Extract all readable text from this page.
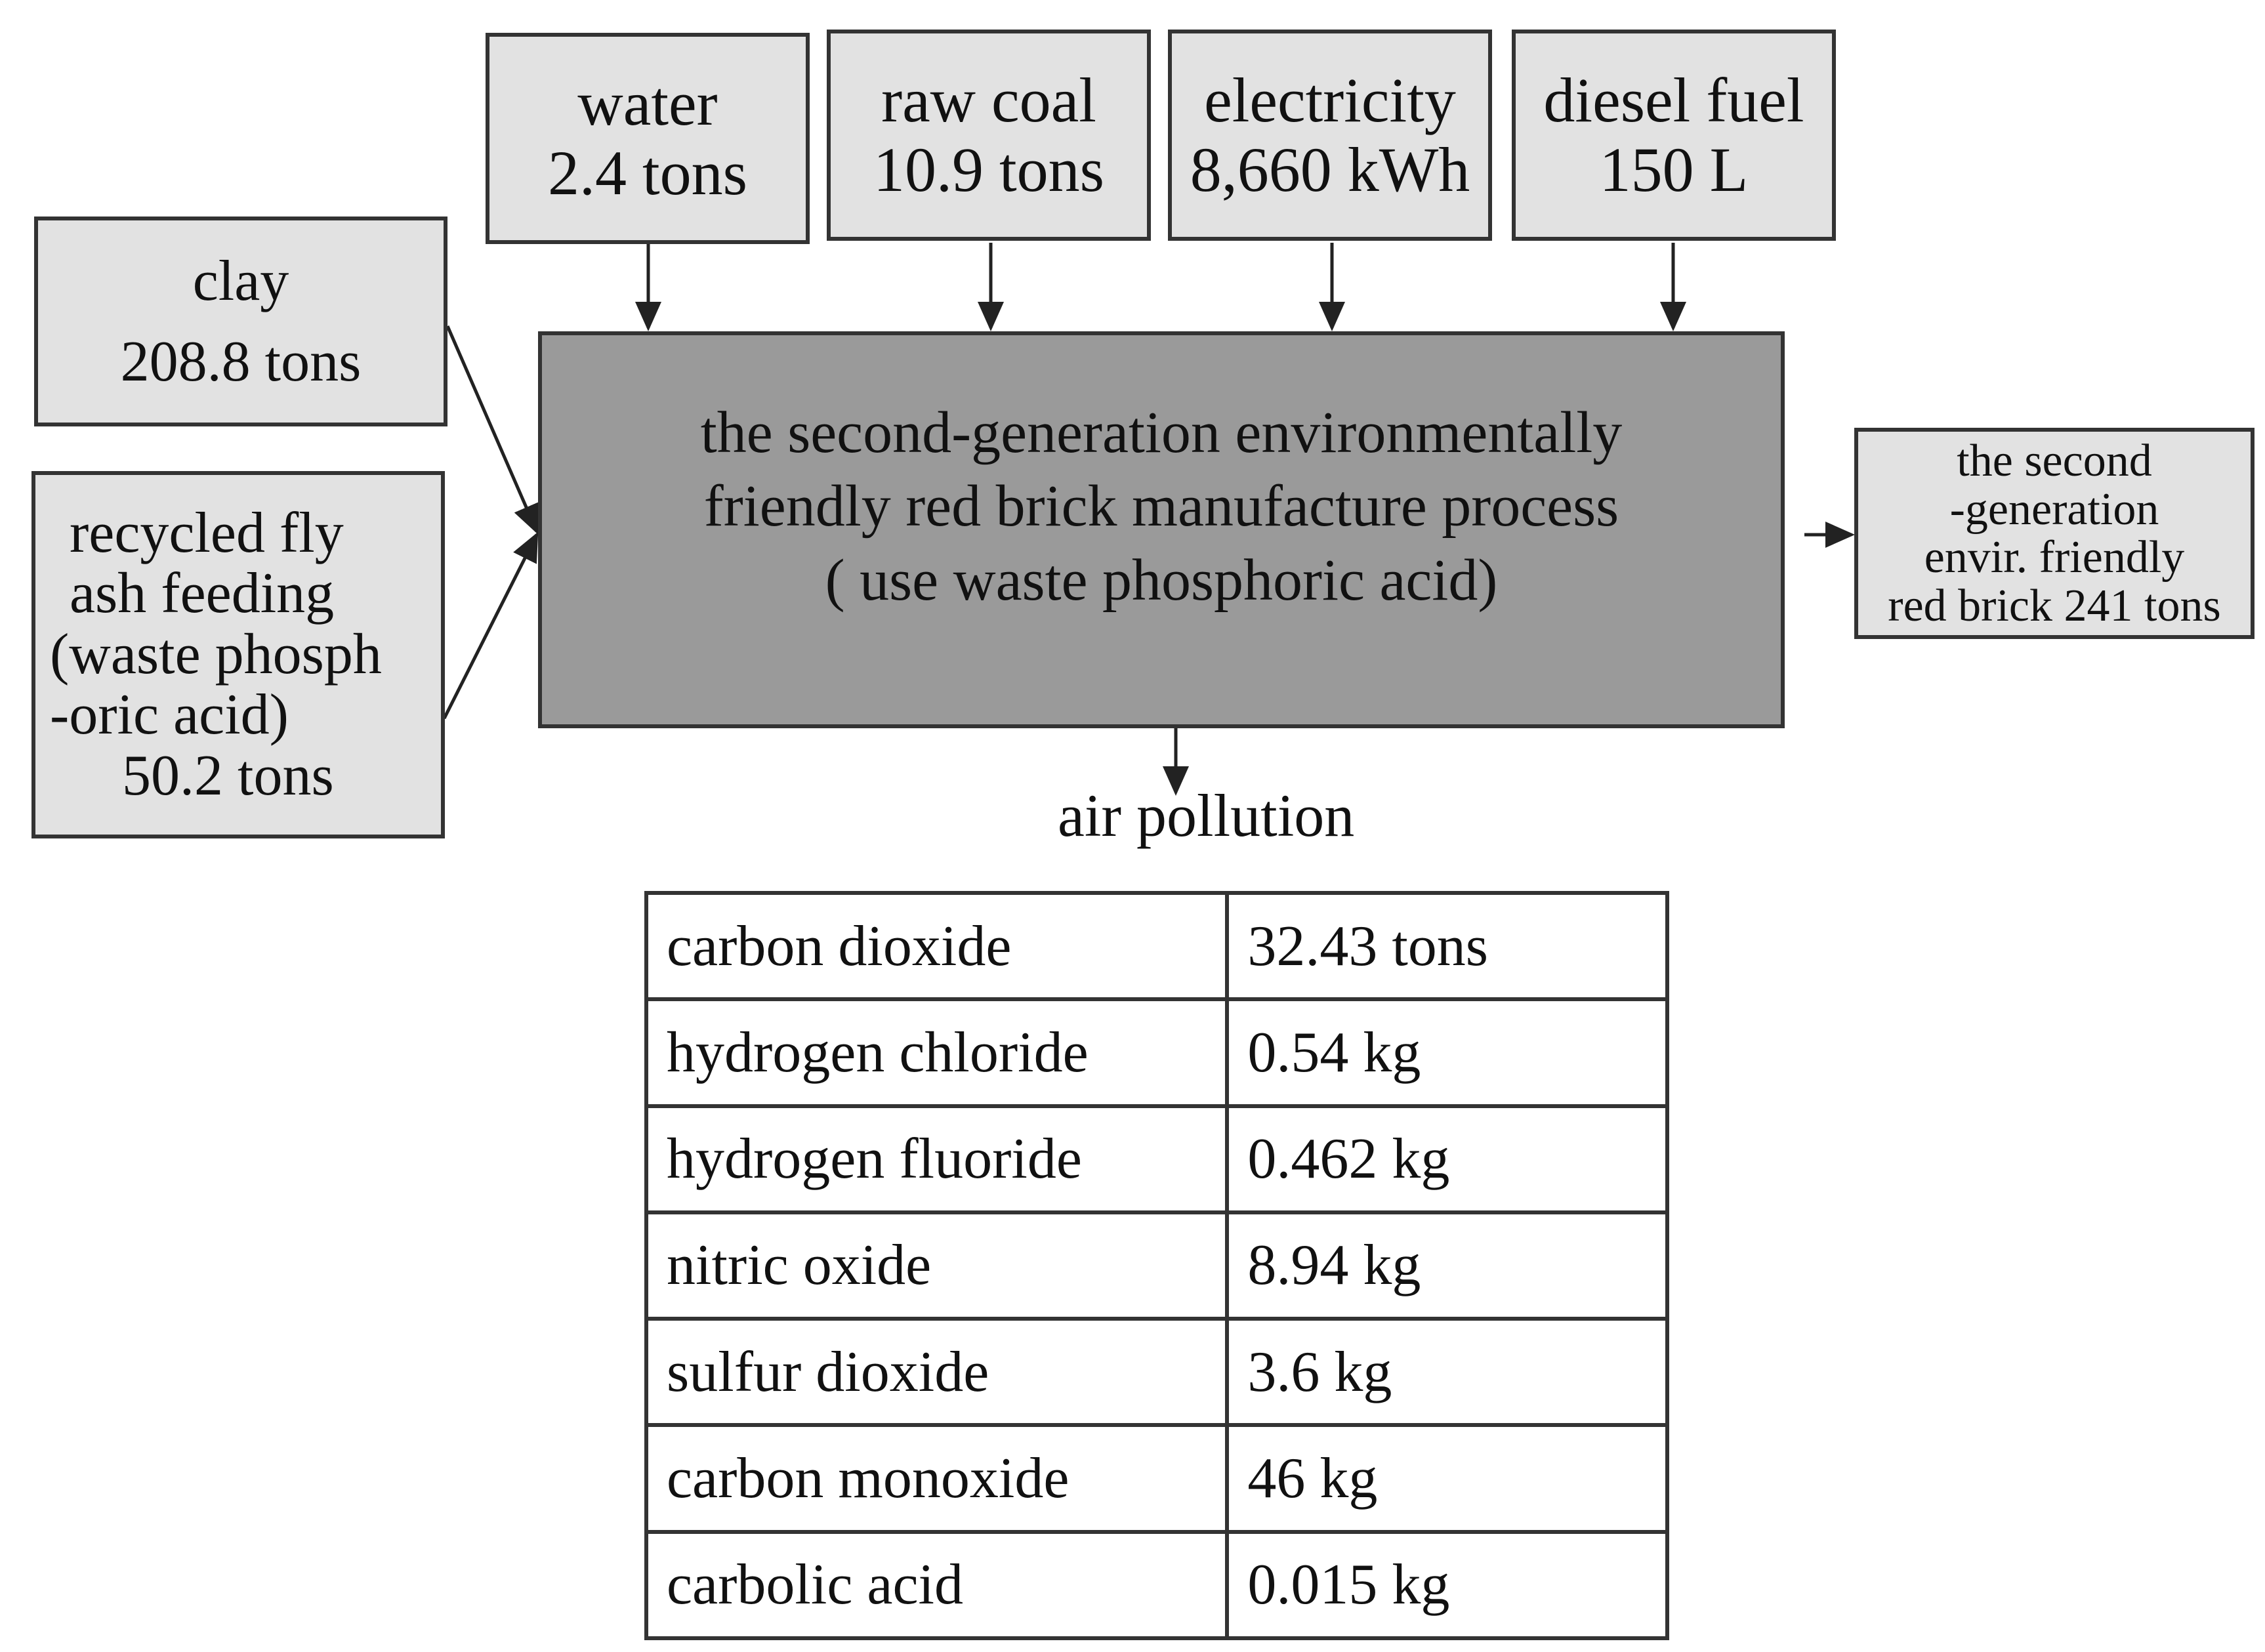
water
2.4 tons
raw coal
10.9 tons
electricity
8,660 kWh
diesel fuel
150 L
clay
208.8 tons
recycled fly
ash feeding
(waste phosph
-oric acid)
50.2 tons
the second-generation environmentally
friendly red brick manufacture process
( use waste phosphoric acid)
the second
-generation
envir. friendly
red brick 241 tons
air pollution
carbon dioxide	32.43 tons
hydrogen chloride	0.54 kg
hydrogen fluoride	0.462 kg
nitric oxide	8.94 kg
sulfur dioxide	3.6 kg
carbon monoxide	46 kg
carbolic acid	0.015 kg
